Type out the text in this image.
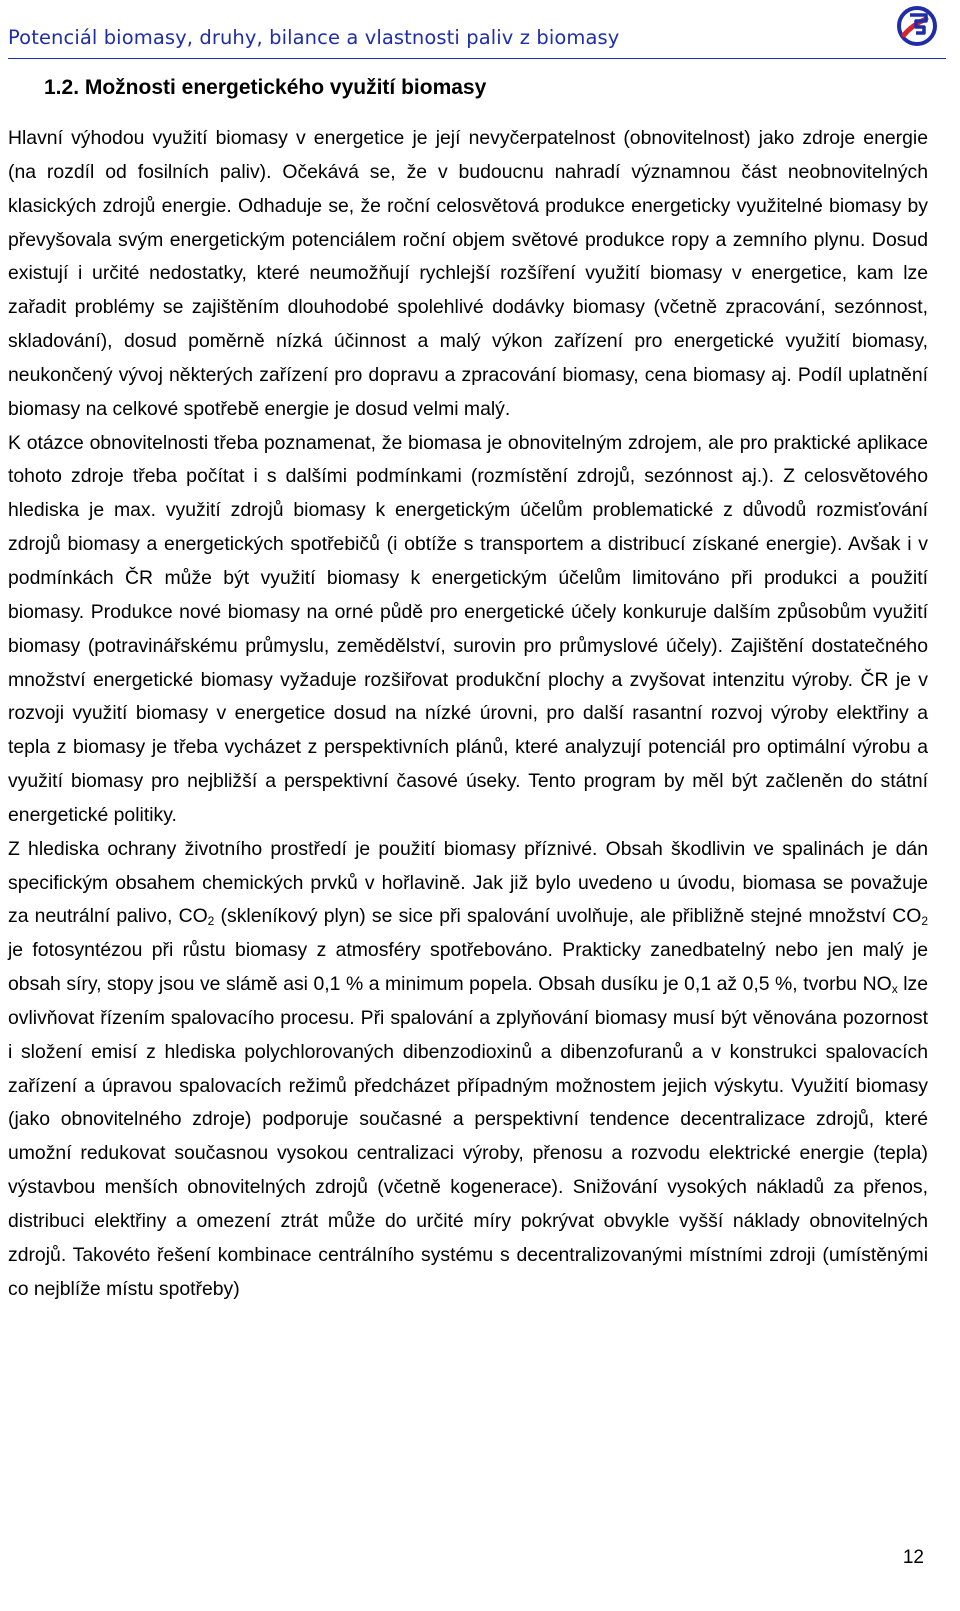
Potenciál biomasy, druhy, bilance a vlastnosti paliv z biomasy
1.2. Možnosti energetického využití biomasy

Hlavní výhodou využití biomasy v energetice je její nevyčerpatelnost (obnovitelnost) jako zdroje energie (na rozdíl od fosilních paliv). Očekává se, že v budoucnu nahradí významnou část neobnovitelných klasických zdrojů energie. Odhaduje se, že roční celosvětová produkce energeticky využitelné biomasy by převyšovala svým energetickým potenciálem roční objem světové produkce ropy a zemního plynu. Dosud existují i určité nedostatky, které neumožňují rychlejší rozšíření využití biomasy v energetice, kam lze zařadit problémy se zajištěním dlouhodobé spolehlivé dodávky biomasy (včetně zpracování, sezónnost, skladování), dosud poměrně nízká účinnost a malý výkon zařízení pro energetické využití biomasy, neukončený vývoj některých zařízení pro dopravu a zpracování biomasy, cena biomasy aj. Podíl uplatnění biomasy na celkové spotřebě energie je dosud velmi malý.

K otázce obnovitelnosti třeba poznamenat, že biomasa je obnovitelným zdrojem, ale pro praktické aplikace tohoto zdroje třeba počítat i s dalšími podmínkami (rozmístění zdrojů, sezónnost aj.). Z celosvětového hlediska je max. využití zdrojů biomasy k energetickým účelům problematické z důvodů rozmisťování zdrojů biomasy a energetických spotřebičů (i obtíže s transportem a distribucí získané energie). Avšak i v podmínkách ČR může být využití biomasy k energetickým účelům limitováno při produkci a použití biomasy. Produkce nové biomasy na orné půdě pro energetické účely konkuruje dalším způsobům využití biomasy (potravinářskému průmyslu, zemědělství, surovin pro průmyslové účely). Zajištění dostatečného množství energetické biomasy vyžaduje rozšiřovat produkční plochy a zvyšovat intenzitu výroby. ČR je v rozvoji využití biomasy v energetice dosud na nízké úrovni, pro další rasantní rozvoj výroby elektřiny a tepla z biomasy je třeba vycházet z perspektivních plánů, které analyzují potenciál pro optimální výrobu a využití biomasy pro nejbližší a perspektivní časové úseky. Tento program by měl být začleněn do státní energetické politiky.

Z hlediska ochrany životního prostředí je použití biomasy příznivé. Obsah škodlivin ve spalinách je dán specifickým obsahem chemických prvků v hořlavině. Jak již bylo uvedeno u úvodu, biomasa se považuje za neutrální palivo, $CO_2$ (skleníkový plyn) se sice při spalování uvolňuje, ale přibližně stejné množství $CO_2$ je fotosyntézou při růstu biomasy z atmosféry spotřebováno. Prakticky zanedbatelný nebo jen malý je obsah síry, stopy jsou ve slámě asi 0,1 % a minimum popela. Obsah dusíku je 0,1 až 0,5 %, tvorbu $NO_x$ lze ovlivňovat řízením spalovacího procesu. Při spalování a zplyňování biomasy musí být věnována pozornost i složení emisí z hlediska polychlorovaných dibenzodioxinů a dibenzofuranů a v konstrukci spalovacích zařízení a úpravou spalovacích režimů předcházet případným možnostem jejich výskytu. Využití biomasy (jako obnovitelného zdroje) podporuje současné a perspektivní tendence decentralizace zdrojů, které umožní redukovat současnou vysokou centralizaci výroby, přenosu a rozvodu elektrické energie (tepla) výstavbou menších obnovitelných zdrojů (včetně kogenerace). Snižování vysokých nákladů za přenos, distribuci elektřiny a omezení ztrát může do určité míry pokrývat obvykle vyšší náklady obnovitelných zdrojů. Takovéto řešení kombinace centrálního systému s decentralizovanými místními zdroji (umístěnými co nejblíže místu spotřeby)

12
